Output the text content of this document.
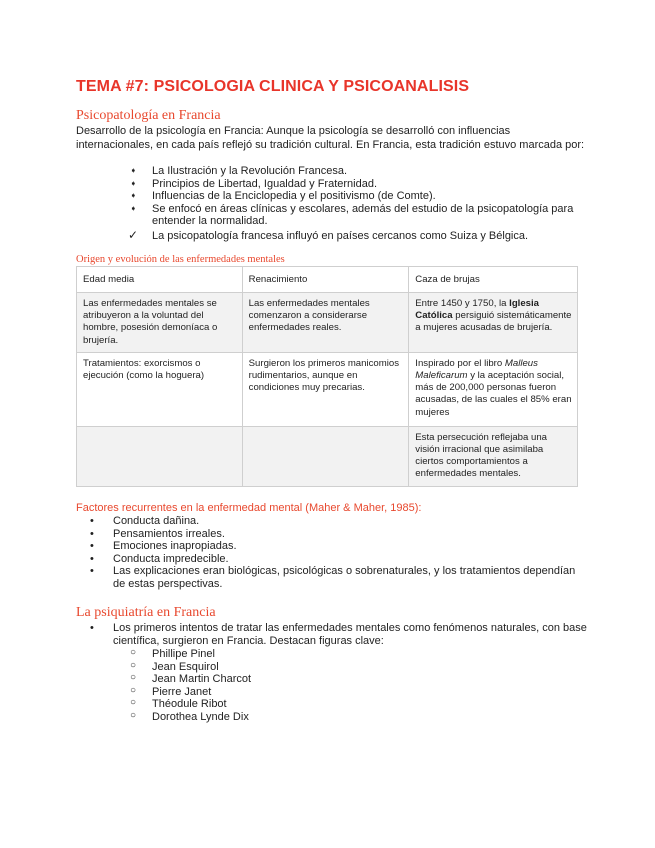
TEMA #7: PSICOLOGIA CLINICA Y PSICOANALISIS
Psicopatología en Francia

Desarrollo de la psicología en Francia: Aunque la psicología se desarrolló con influencias internacionales, en cada país reflejó su tradición cultural. En Francia, esta tradición estuvo marcada por:

➧ La Ilustración y la Revolución Francesa.
➧ Principios de Libertad, Igualdad y Fraternidad.
➧ Influencias de la Enciclopedia y el positivismo (de Comte).
➧ Se enfocó en áreas clínicas y escolares, además del estudio de la psicopatología para entender la normalidad.
✓ La psicopatología francesa influyó en países cercanos como Suiza y Bélgica.
Origen y evolución de las enfermedades mentales
Edad media	Renacimiento	Caza de brujas
Las enfermedades mentales se atribuyeron a la voluntad del hombre, posesión demoníaca o brujería.	Las enfermedades mentales comenzaron a considerarse enfermedades reales.	Entre 1450 y 1750, la Iglesia Católica persiguió sistemáticamente a mujeres acusadas de brujería.
Tratamientos: exorcismos o ejecución (como la hoguera)	Surgieron los primeros manicomios rudimentarios, aunque en condiciones muy precarias.	Inspirado por el libro Malleus Maleficarum y la aceptación social, más de 200,000 personas fueron acusadas, de las cuales el 85% eran mujeres
		Esta persecución reflejaba una visión irracional que asimilaba ciertos comportamientos a enfermedades mentales.
Factores recurrentes en la enfermedad mental (Maher & Maher, 1985):
• Conducta dañina.
• Pensamientos irreales.
• Emociones inapropiadas.
• Conducta impredecible.
• Las explicaciones eran biológicas, psicológicas o sobrenaturales, y los tratamientos dependían de estas perspectivas.
La psiquiatría en Francia
• Los primeros intentos de tratar las enfermedades mentales como fenómenos naturales, con base científica, surgieron en Francia. Destacan figuras clave:
○ Phillipe Pinel
○ Jean Esquirol
○ Jean Martin Charcot
○ Pierre Janet
○ Théodule Ribot
○ Dorothea Lynde Dix
